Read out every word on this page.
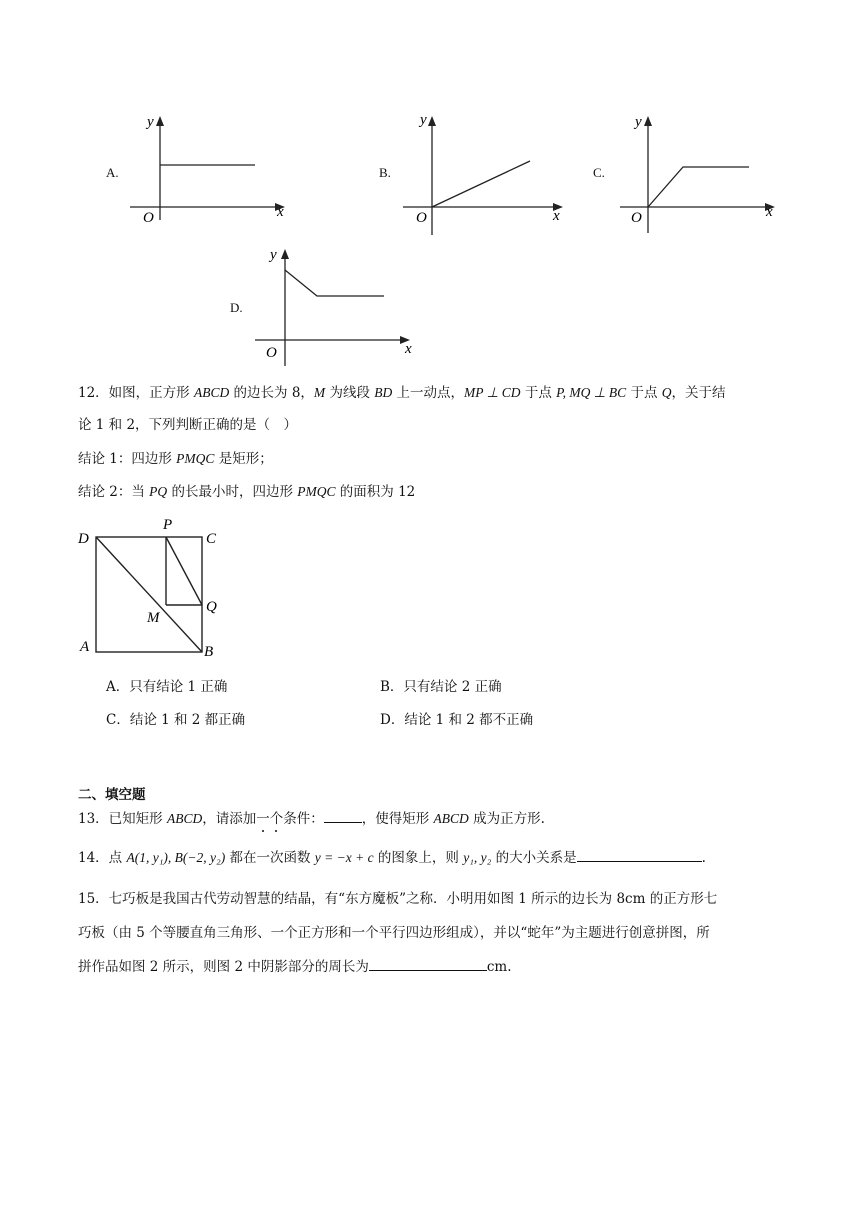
A.
y
x
O
B.
y
x
O
C.
y
x
O
D.
y
x
O
12．如图，正方形 ABCD 的边长为 8，M 为线段 BD 上一动点，MP ⊥ CD 于点 P, MQ ⊥ BC 于点 Q，关于结
论 1 和 2，下列判断正确的是（　）
结论 1：四边形 PMQC 是矩形；
结论 2：当 PQ 的长最小时，四边形 PMQC 的面积为 12
D
P
C
M
Q
A	B
A．只有结论 1 正确	B．只有结论 2 正确
C．结论 1 和 2 都正确	D．结论 1 和 2 都不正确
二、填空题
13．已知矩形 ABCD，请添加一个条件：	，使得矩形 ABCD 成为正方形.
14．点 A(1, y₁), B(−2, y₂) 都在一次函数 y = −x + c 的图象上，则 y₁, y₂ 的大小关系是	.
15．七巧板是我国古代劳动智慧的结晶，有“东方魔板”之称．小明用如图 1 所示的边长为 8cm 的正方形七
巧板（由 5 个等腰直角三角形、一个正方形和一个平行四边形组成），并以“蛇年”为主题进行创意拼图，所
拼作品如图 2 所示，则图 2 中阴影部分的周长为	cm.
